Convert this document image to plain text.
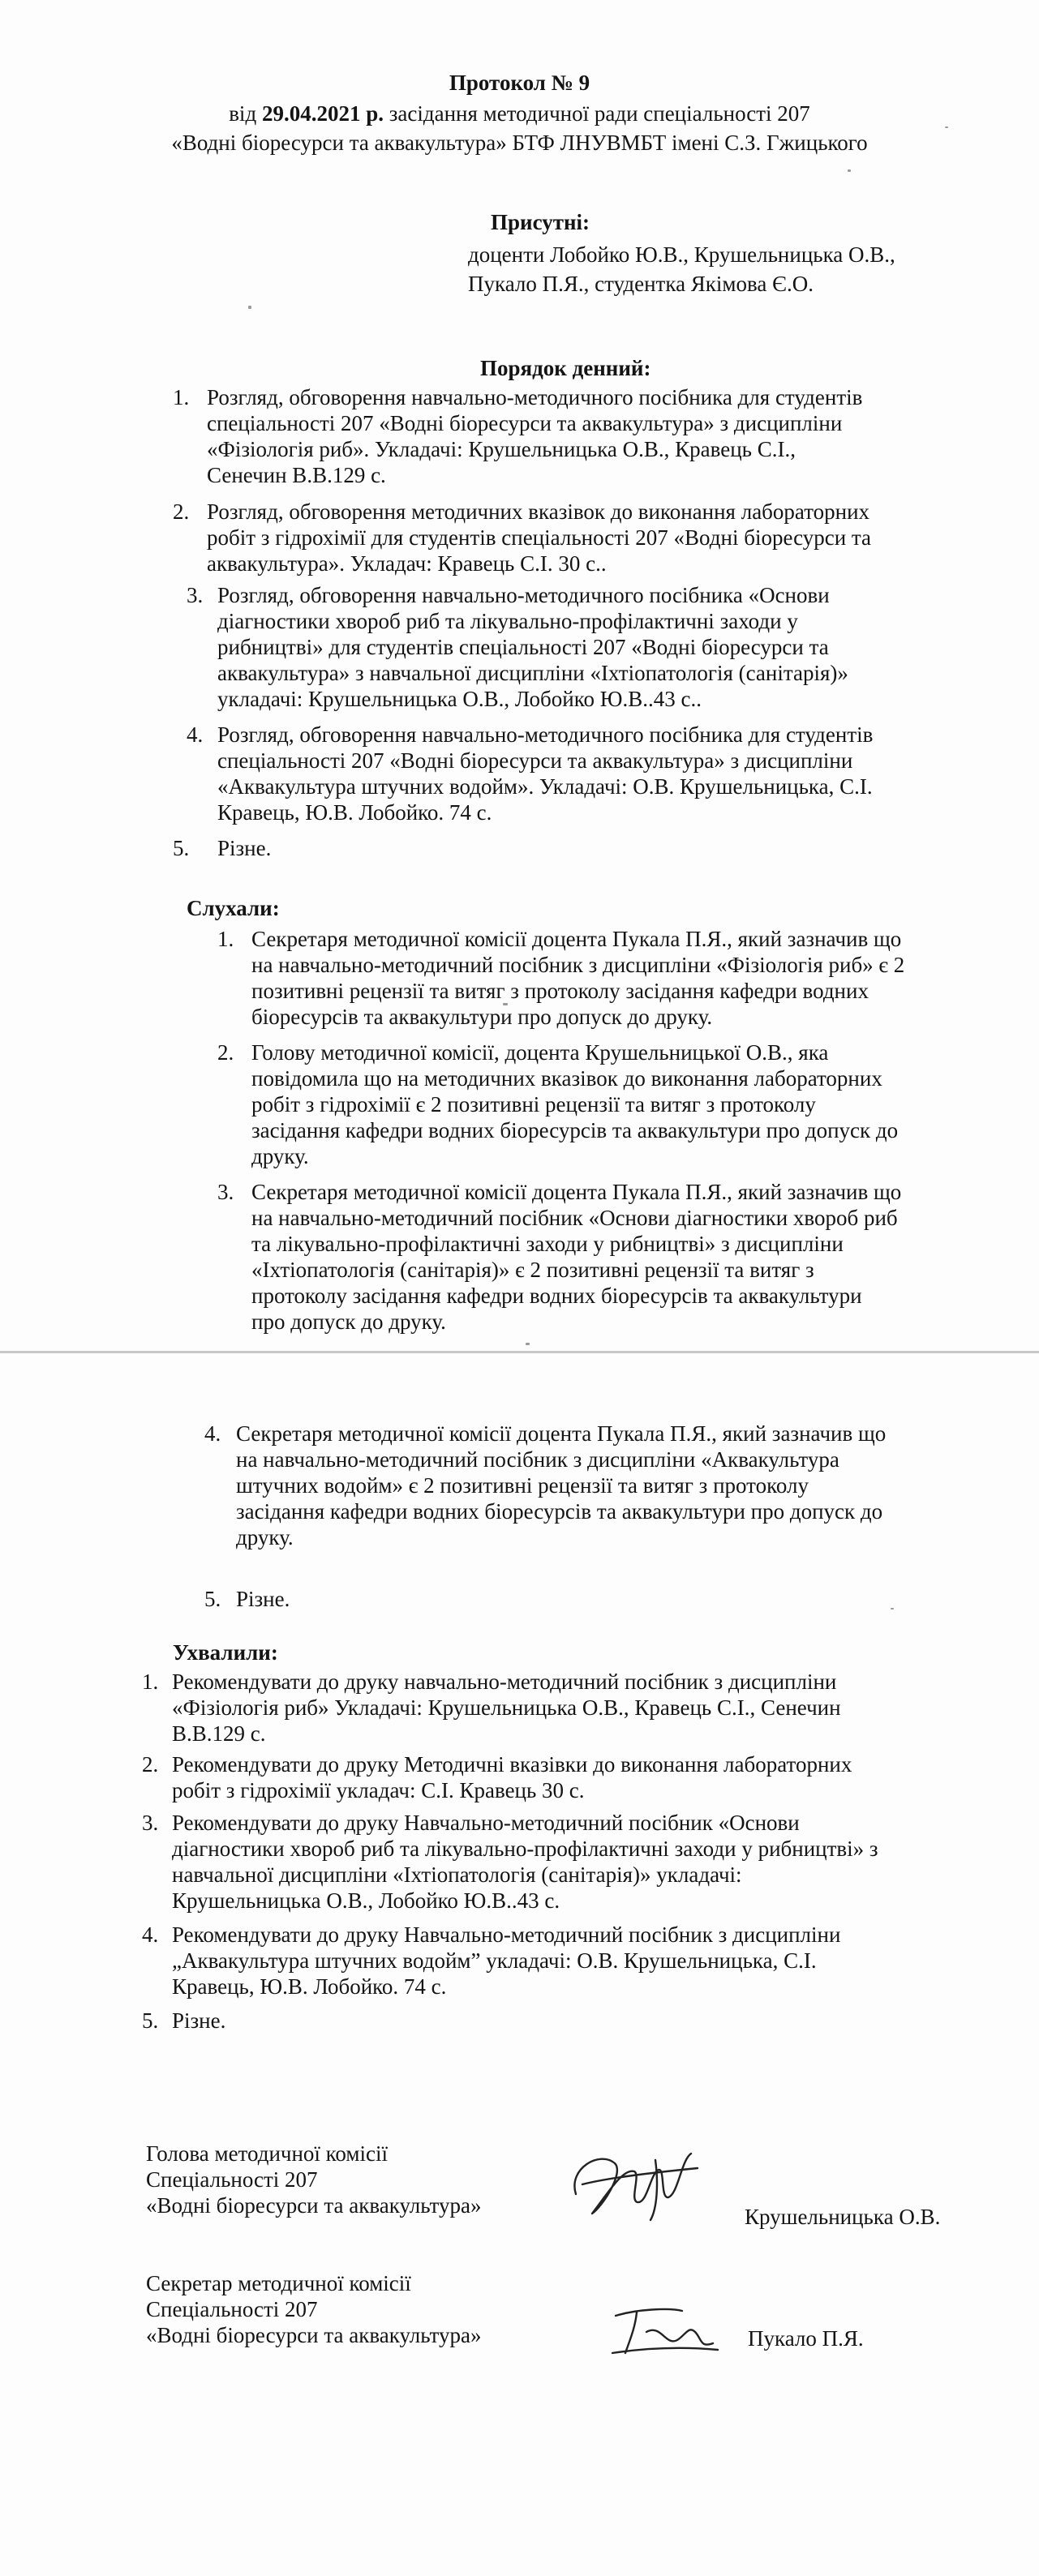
Протокол № 9
від 29.04.2021 р. засідання методичної ради спеціальності 207
«Водні біоресурси та аквакультура» БТФ ЛНУВМБТ імені С.З. Гжицького
Присутні:
доценти Лобойко Ю.В., Крушельницька О.В.,
Пукало П.Я., студентка Якімова Є.О.
Порядок денний:
1. Розгляд, обговорення навчально-методичного посібника для студентів
спеціальності 207 «Водні біоресурси та аквакультура» з дисципліни
«Фізіологія риб». Укладачі: Крушельницька О.В., Кравець С.І.,
Сенечин В.В.129 с.
2. Розгляд, обговорення методичних вказівок до виконання лабораторних
робіт з гідрохімії для студентів спеціальності 207 «Водні біоресурси та
аквакультура». Укладач: Кравець С.І. 30 с..
3. Розгляд, обговорення навчально-методичного посібника «Основи
діагностики хвороб риб та лікувально-профілактичні заходи у
рибництві» для студентів спеціальності 207 «Водні біоресурси та
аквакультура» з навчальної дисципліни «Іхтіопатологія (санітарія)»
укладачі: Крушельницька О.В., Лобойко Ю.В..43 с..
4. Розгляд, обговорення навчально-методичного посібника для студентів
спеціальності 207 «Водні біоресурси та аквакультура» з дисципліни
«Аквакультура штучних водойм». Укладачі: О.В. Крушельницька, С.І.
Кравець, Ю.В. Лобойко. 74 с.
5. Різне.
Слухали:
1. Секретаря методичної комісії доцента Пукала П.Я., який зазначив що
на навчально-методичний посібник з дисципліни «Фізіологія риб» є 2
позитивні рецензії та витяг з протоколу засідання кафедри водних
біоресурсів та аквакультури про допуск до друку.
2. Голову методичної комісії, доцента Крушельницької О.В., яка
повідомила що на методичних вказівок до виконання лабораторних
робіт з гідрохімії є 2 позитивні рецензії та витяг з протоколу
засідання кафедри водних біоресурсів та аквакультури про допуск до
друку.
3. Секретаря методичної комісії доцента Пукала П.Я., який зазначив що
на навчально-методичний посібник «Основи діагностики хвороб риб
та лікувально-профілактичні заходи у рибництві» з дисципліни
«Іхтіопатологія (санітарія)» є 2 позитивні рецензії та витяг з
протоколу засідання кафедри водних біоресурсів та аквакультури
про допуск до друку.
4. Секретаря методичної комісії доцента Пукала П.Я., який зазначив що
на навчально-методичний посібник з дисципліни «Аквакультура
штучних водойм» є 2 позитивні рецензії та витяг з протоколу
засідання кафедри водних біоресурсів та аквакультури про допуск до
друку.
5. Різне.
Ухвалили:
1. Рекомендувати до друку навчально-методичний посібник з дисципліни
«Фізіологія риб» Укладачі: Крушельницька О.В., Кравець С.І., Сенечин
В.В.129 с.
2. Рекомендувати до друку Методичні вказівки до виконання лабораторних
робіт з гідрохімії укладач: С.І. Кравець 30 с.
3. Рекомендувати до друку Навчально-методичний посібник «Основи
діагностики хвороб риб та лікувально-профілактичні заходи у рибництві» з
навчальної дисципліни «Іхтіопатологія (санітарія)» укладачі:
Крушельницька О.В., Лобойко Ю.В..43 с.
4. Рекомендувати до друку Навчально-методичний посібник з дисципліни
„Аквакультура штучних водойм” укладачі: О.В. Крушельницька, С.І.
Кравець, Ю.В. Лобойко. 74 с.
5. Різне.
Голова методичної комісії
Спеціальності 207
«Водні біоресурси та аквакультура»	Крушельницька О.В.
Секретар методичної комісії
Спеціальності 207
«Водні біоресурси та аквакультура»	Пукало П.Я.
